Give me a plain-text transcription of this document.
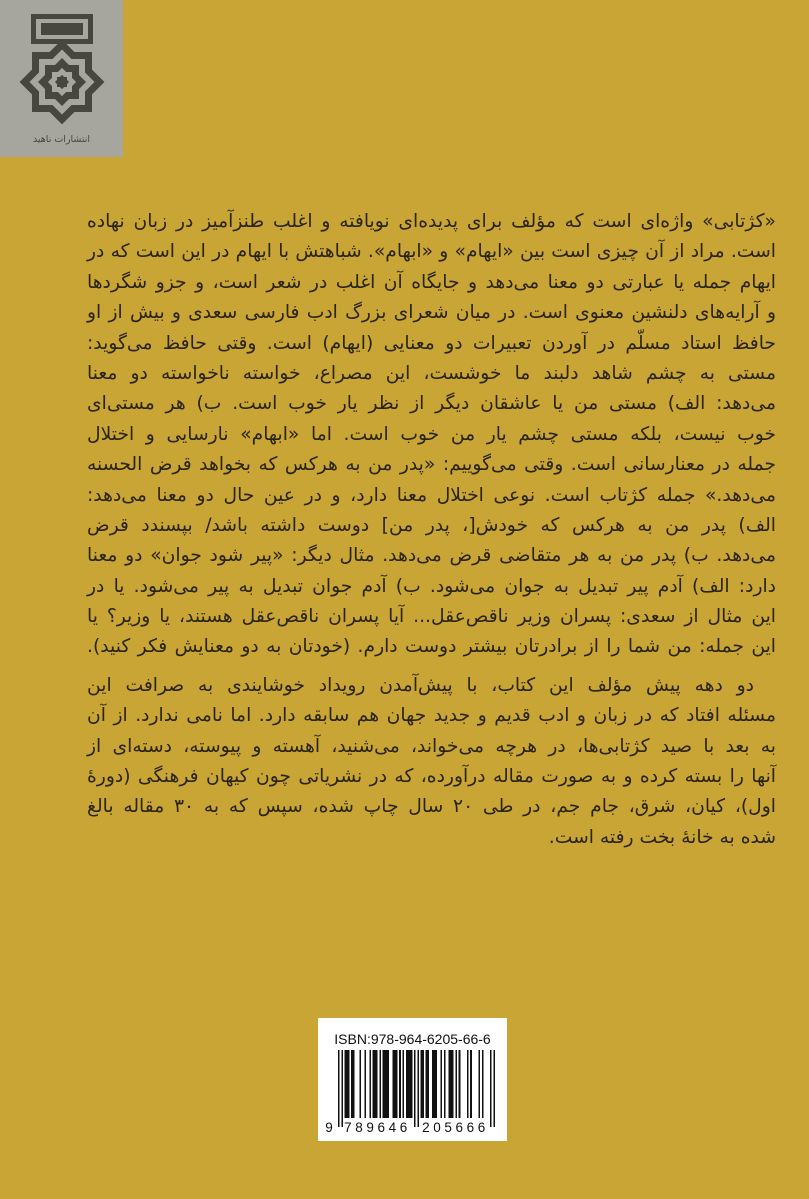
انتشارات ناهید
«کژتابی» واژه‌ای است که مؤلف برای پدیده‌ای نویافته و اغلب طنزآمیز در زبان نهاده
است. مراد از آن چیزی است بین «ایهام» و «ابهام». شباهتش با ایهام در این است که در
ایهام جمله یا عبارتی دو معنا می‌دهد و جایگاه آن اغلب در شعر است، و جزو شگردها
و آرایه‌های دلنشین معنوی است. در میان شعرای بزرگ ادب فارسی سعدی و بیش از او
حافظ استاد مسلّم در آوردن تعبیرات دو معنایی (ایهام) است. وقتی حافظ می‌گوید:
مستی به چشم شاهد دلبند ما خوشست، این مصراع، خواسته ناخواسته دو معنا
می‌دهد: الف) مستی من یا عاشقان دیگر از نظر یار خوب است. ب) هر مستی‌ای
خوب نیست، بلکه مستی چشم یار من خوب است. اما «ابهام» نارسایی و اختلال
جمله در معنارسانی است. وقتی می‌گوییم: «پدر من به هرکس که بخواهد قرض الحسنه
می‌دهد.» جمله کژتاب است. نوعی اختلال معنا دارد، و در عین حال دو معنا می‌دهد:
الف) پدر من به هرکس که خودش[، پدر من] دوست داشته باشد/ بپسندد قرض
می‌دهد. ب) پدر من به هر متقاضی قرض می‌دهد. مثال دیگر: «پیر شود جوان» دو معنا
دارد: الف) آدم پیر تبدیل به جوان می‌شود. ب) آدم جوان تبدیل به پیر می‌شود. یا در
این مثال از سعدی: پسران وزیر ناقص‌عقل... آیا پسران ناقص‌عقل هستند، یا وزیر؟ یا
این جمله: من شما را از برادرتان بیشتر دوست دارم. (خودتان به دو معنایش فکر کنید).
دو دهه پیش مؤلف این کتاب، با پیش‌آمدن رویداد خوشایندی به صرافت این
مسئله افتاد که در زبان و ادب قدیم و جدید جهان هم سابقه دارد. اما نامی ندارد. از آن
به بعد با صید کژتابی‌ها، در هرچه می‌خواند، می‌شنید، آهسته و پیوسته، دسته‌ای از
آنها را بسته کرده و به صورت مقاله درآورده، که در نشریاتی چون کیهان فرهنگی (دورهٔ
اول)، کیان، شرق، جام جم، در طی ۲۰ سال چاپ شده، سپس که به ۳۰ مقاله بالغ
شده به خانهٔ بخت رفته است.
ISBN:978-964-6205-66-6
9 789646 205666
